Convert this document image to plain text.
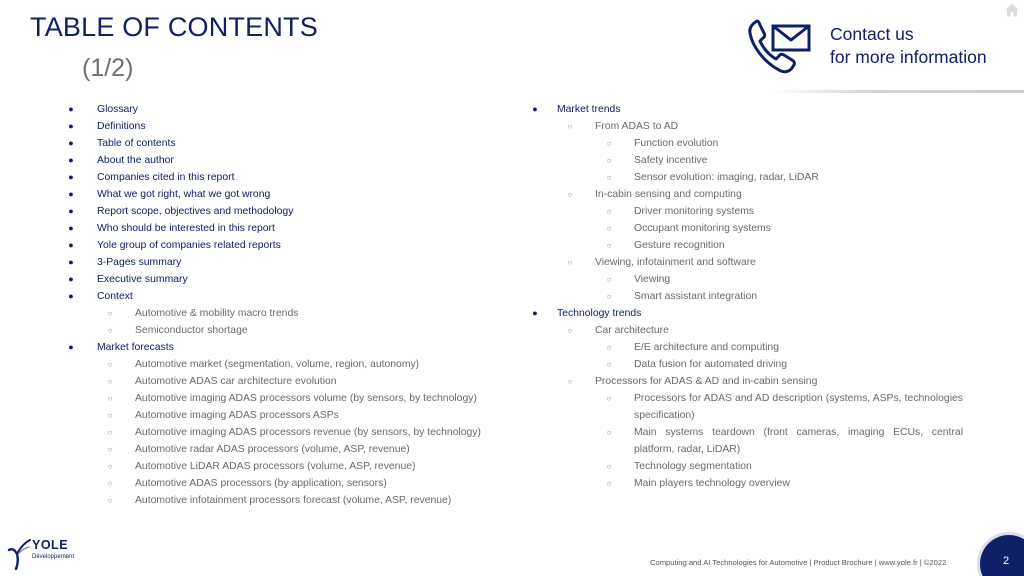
TABLE OF CONTENTS
(1/2)
Contact us
for more information
●	Glossary
●	Definitions
●	Table of contents
●	About the author
●	Companies cited in this report
●	What we got right, what we got wrong
●	Report scope, objectives and methodology
●	Who should be interested in this report
●	Yole group of companies related reports
●	3-Pages summary
●	Executive summary
●	Context
○	Automotive & mobility macro trends
○	Semiconductor shortage
●	Market forecasts
○	Automotive market (segmentation, volume, region, autonomy)
○	Automotive ADAS car architecture evolution
○	Automotive imaging ADAS processors volume (by sensors, by technology)
○	Automotive imaging ADAS processors ASPs
○	Automotive imaging ADAS processors revenue (by sensors, by technology)
○	Automotive radar ADAS processors (volume, ASP, revenue)
○	Automotive LiDAR ADAS processors (volume, ASP, revenue)
○	Automotive ADAS processors (by application, sensors)
○	Automotive infotainment processors forecast (volume, ASP, revenue)
●	Market trends
○	From ADAS to AD
○	Function evolution
○	Safety incentive
○	Sensor evolution: imaging, radar, LiDAR
○	In-cabin sensing and computing
○	Driver monitoring systems
○	Occupant monitoring systems
○	Gesture recognition
○	Viewing, infotainment and software
○	Viewing
○	Smart assistant integration
●	Technology trends
○	Car architecture
○	E/E architecture and computing
○	Data fusion for automated driving
○	Processors for ADAS & AD and in-cabin sensing
○	Processors for ADAS and AD description (systems, ASPs, technologies specification)
○	Main systems teardown (front cameras, imaging ECUs, central platform, radar, LiDAR)
○	Technology segmentation
○	Main players technology overview
YOLE
Développement
Computing and AI Technologies for Automotive | Product Brochure | www.yole.fr | ©2022	2
